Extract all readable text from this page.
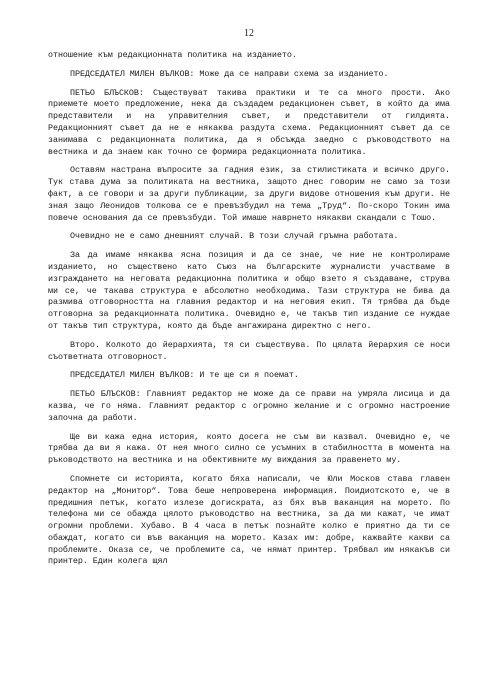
12

отношение към редакционната политика на изданието.

ПРЕДСЕДАТЕЛ МИЛЕН ВЪЛКОВ: Може да се направи схема за изданието.

ПЕТЬО БЛЪСКОВ: Съществуват такива практики и те са много прости. Ако приемете моето предложение, нека да създадем редакционен съвет, в който да има представители и на управителния съвет, и представители от гилдията. Редакционният съвет да не е някаква раздута схема. Редакционният съвет да се занимава с редакционната политика, да я обсъжда заедно с ръководството на вестника и да знаем как точно се формира редакционната политика.

Оставям настрана въпросите за гадния език, за стилистиката и всичко друго. Тук става дума за политиката на вестника, защото днес говорим не само за този факт, а се говори и за други публикации, за други видове отношения към други. Не зная защо Леонидов толкова се е превъзбудил на тема „Труд“. По-скоро Токин има повече основания да се превъзбуди. Той имаше наврнето някакви скандали с Тошо.

Очевидно не е само днешният случай. В този случай гръмна работата.

За да имаме някаква ясна позиция и да се знае, че ние не контролираме изданието, но съществено като Съюз на българските журналисти участваме в изграждането на неговата редакционна политика и общо взето я създаване, струва ми се, че такава структура е абсолютно необходима. Тази структура не бива да размива отговорността на главния редактор и на неговия екип. Тя трябва да бъде отговорна за редакционната политика. Очевидно е, че такъв тип издание се нуждае от такъв тип структура, която да бъде ангажирана директно с него.

Второ. Колкото до йерархията, тя си съществува. По цялата йерархия се носи съответната отговорност.

ПРЕДСЕДАТЕЛ МИЛЕН ВЪЛКОВ: И те ще си я поемат.

ПЕТЬО БЛЪСКОВ: Главният редактор не може да се прави на умряла лисица и да казва, че го няма. Главният редактор с огромно желание и с огромно настроение започна да работи.

Ще ви кажа една история, която досега не съм ви казвал. Очевидно е, че трябва да ви я кажа. От нея много силно се усъмних в стабилността в момента на ръководството на вестника и на обективните му виждания за правенето му.

Спомнете си историята, когато бяха написали, че Юли Москов става главен редактор на „Монитор“. Това беше непроверена информация. Поидиотското е, че в предишния петък, когато излезе догискрата, аз бях във ваканция на морето. По телефона ми се обажда цялото ръководство на вестника, за да ми кажат, че имат огромни проблеми. Хубаво. В 4 часа в петък познайте колко е приятно да ти се обаждат, когато си във ваканция на морето. Казах им: добре, кажвайте какви са проблемите. Оказа се, че проблемите са, че нямат принтер. Трябвал им някакъв си принтер. Един колега щял
